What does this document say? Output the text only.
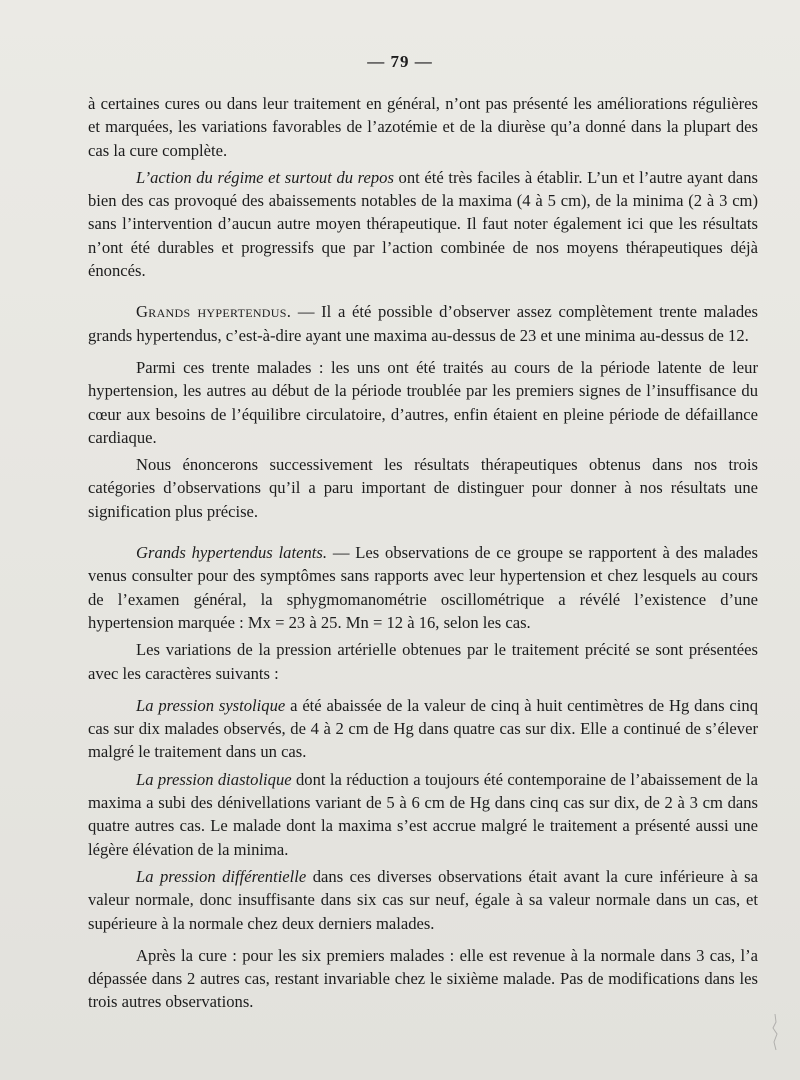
— 79 —

à certaines cures ou dans leur traitement en général, n’ont pas présenté les améliorations régulières et marquées, les variations favorables de l’azotémie et de la diurèse qu’a donné dans la plupart des cas la cure complète.

L’action du régime et surtout du repos ont été très faciles à établir. L’un et l’autre ayant dans bien des cas provoqué des abaissements notables de la maxima (4 à 5 cm), de la minima (2 à 3 cm) sans l’intervention d’aucun autre moyen thérapeutique. Il faut noter également ici que les résultats n’ont été durables et progressifs que par l’action combinée de nos moyens thérapeutiques déjà énoncés.

Grands hypertendus. — Il a été possible d’observer assez complètement trente malades grands hypertendus, c’est-à-dire ayant une maxima au-dessus de 23 et une minima au-dessus de 12.

Parmi ces trente malades : les uns ont été traités au cours de la période latente de leur hypertension, les autres au début de la période troublée par les premiers signes de l’insuffisance du cœur aux besoins de l’équilibre circulatoire, d’autres, enfin étaient en pleine période de défaillance cardiaque.

Nous énoncerons successivement les résultats thérapeutiques obtenus dans nos trois catégories d’observations qu’il a paru important de distinguer pour donner à nos résultats une signification plus précise.

Grands hypertendus latents. — Les observations de ce groupe se rapportent à des malades venus consulter pour des symptômes sans rapports avec leur hypertension et chez lesquels au cours de l’examen général, la sphygmomanométrie oscillométrique a révélé l’existence d’une hypertension marquée : Mx = 23 à 25. Mn = 12 à 16, selon les cas.

Les variations de la pression artérielle obtenues par le traitement précité se sont présentées avec les caractères suivants :

La pression systolique a été abaissée de la valeur de cinq à huit centimètres de Hg dans cinq cas sur dix malades observés, de 4 à 2 cm de Hg dans quatre cas sur dix. Elle a continué de s’élever malgré le traitement dans un cas.

La pression diastolique dont la réduction a toujours été contemporaine de l’abaissement de la maxima a subi des dénivellations variant de 5 à 6 cm de Hg dans cinq cas sur dix, de 2 à 3 cm dans quatre autres cas. Le malade dont la maxima s’est accrue malgré le traitement a présenté aussi une légère élévation de la minima.

La pression différentielle dans ces diverses observations était avant la cure inférieure à sa valeur normale, donc insuffisante dans six cas sur neuf, égale à sa valeur normale dans un cas, et supérieure à la normale chez deux derniers malades.

Après la cure : pour les six premiers malades : elle est revenue à la normale dans 3 cas, l’a dépassée dans 2 autres cas, restant invariable chez le sixième malade. Pas de modifications dans les trois autres observations.
